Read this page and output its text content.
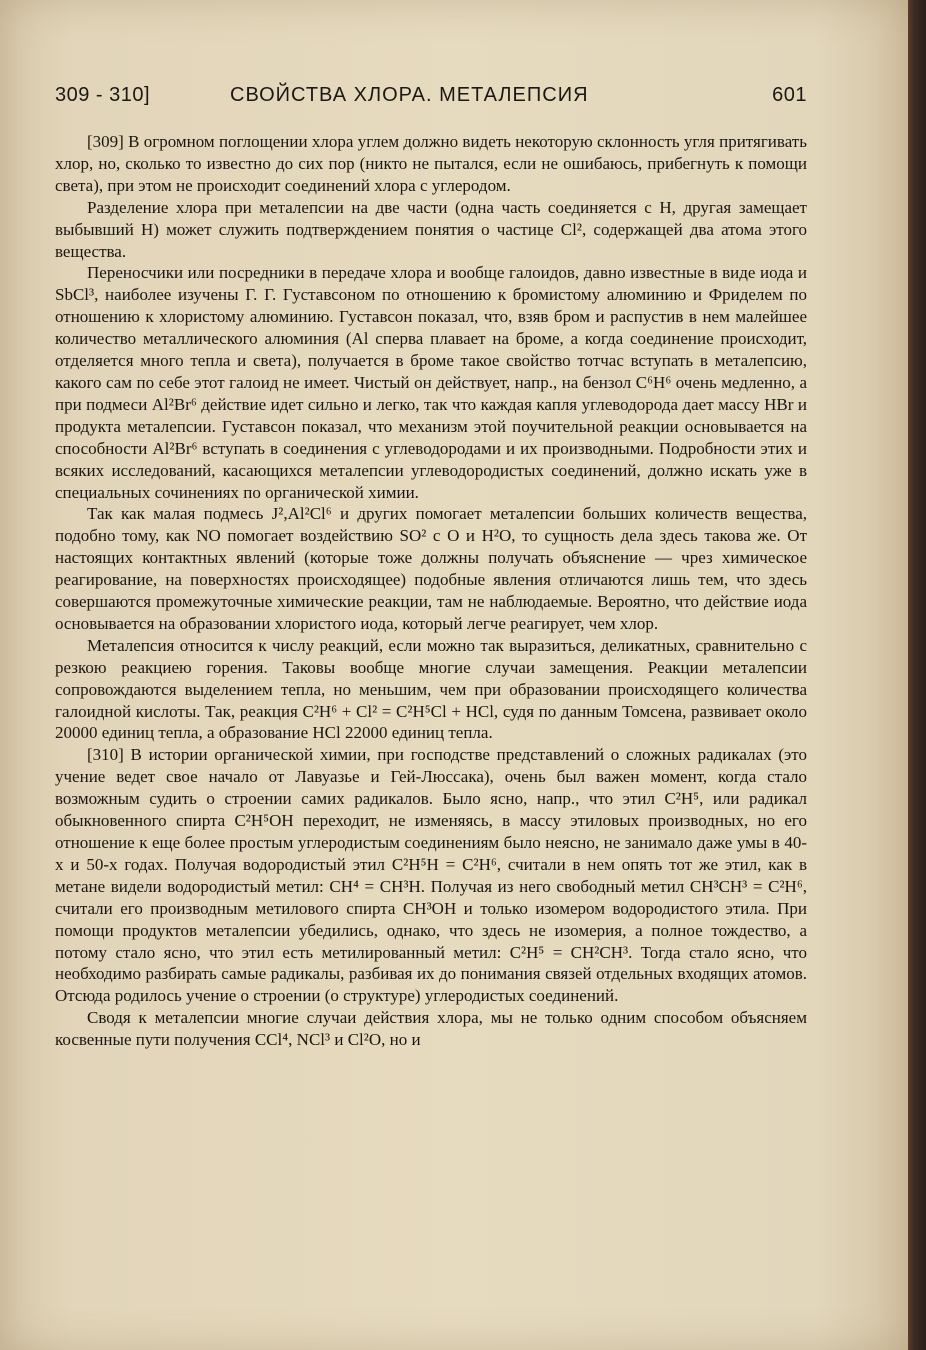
309 - 310]	СВОЙСТВА ХЛОРА. МЕТАЛЕПСИЯ	601

[309] В огромном поглощении хлора углем должно видеть некоторую склонность угля притягивать хлор, но, сколько то известно до сих пор (никто не пытался, если не ошибаюсь, прибегнуть к помощи света), при этом не происходит соединений хлора с углеродом.

Разделение хлора при металепсии на две части (одна часть соединяется с Н, другая замещает выбывший Н) может служить подтверждением понятия о частице Cl², содержащей два атома этого вещества.

Переносчики или посредники в передаче хлора и вообще галоидов, давно известные в виде иода и SbCl³, наиболее изучены Г. Г. Густавсоном по отношению к бромистому алюминию и Фриделем по отношению к хлористому алюминию. Густавсон показал, что, взяв бром и распустив в нем малейшее количество металлического алюминия (Al сперва плавает на броме, а когда соединение происходит, отделяется много тепла и света), получается в броме такое свойство тотчас вступать в металепсию, какого сам по себе этот галоид не имеет. Чистый он действует, напр., на бензол C⁶H⁶ очень медленно, а при подмеси Al²Br⁶ действие идет сильно и легко, так что каждая капля углеводорода дает массу HBr и продукта металепсии. Густавсон показал, что механизм этой поучительной реакции основывается на способности Al²Br⁶ вступать в соединения с углеводородами и их производными. Подробности этих и всяких исследований, касающихся металепсии углеводородистых соединений, должно искать уже в специальных сочинениях по органической химии.

Так как малая подмесь J²,Al²Cl⁶ и других помогает металепсии больших количеств вещества, подобно тому, как NO помогает воздействию SO² с O и H²O, то сущность дела здесь такова же. От настоящих контактных явлений (которые тоже должны получать объяснение — чрез химическое реагирование, на поверхностях происходящее) подобные явления отличаются лишь тем, что здесь совершаются промежуточные химические реакции, там не наблюдаемые. Вероятно, что действие иода основывается на образовании хлористого иода, который легче реагирует, чем хлор.

Металепсия относится к числу реакций, если можно так выразиться, деликатных, сравнительно с резкою реакциею горения. Таковы вообще многие случаи замещения. Реакции металепсии сопровождаются выделением тепла, но меньшим, чем при образовании происходящего количества галоидной кислоты. Так, реакция C²H⁶ + Cl² = C²H⁵Cl + HCl, судя по данным Томсена, развивает около 20000 единиц тепла, а образование HCl 22000 единиц тепла.

[310] В истории органической химии, при господстве представлений о сложных радикалах (это учение ведет свое начало от Лавуазье и Гей-Люссака), очень был важен момент, когда стало возможным судить о строении самих радикалов. Было ясно, напр., что этил C²H⁵, или радикал обыкновенного спирта C²H⁵OH переходит, не изменяясь, в массу этиловых производных, но его отношение к еще более простым углеродистым соединениям было неясно, не занимало даже умы в 40-х и 50-х годах. Получая водородистый этил C²H⁵H = C²H⁶, считали в нем опять тот же этил, как в метане видели водородистый метил: CH⁴ = CH³H. Получая из него свободный метил CH³CH³ = C²H⁶, считали его производным метилового спирта CH³OH и только изомером водородистого этила. При помощи продуктов металепсии убедились, однако, что здесь не изомерия, а полное тождество, а потому стало ясно, что этил есть метилированный метил: C²H⁵ = CH²CH³. Тогда стало ясно, что необходимо разбирать самые радикалы, разбивая их до понимания связей отдельных входящих атомов. Отсюда родилось учение о строении (о структуре) углеродистых соединений.

Сводя к металепсии многие случаи действия хлора, мы не только одним способом объясняем косвенные пути получения CCl⁴, NCl³ и Cl²O, но и
